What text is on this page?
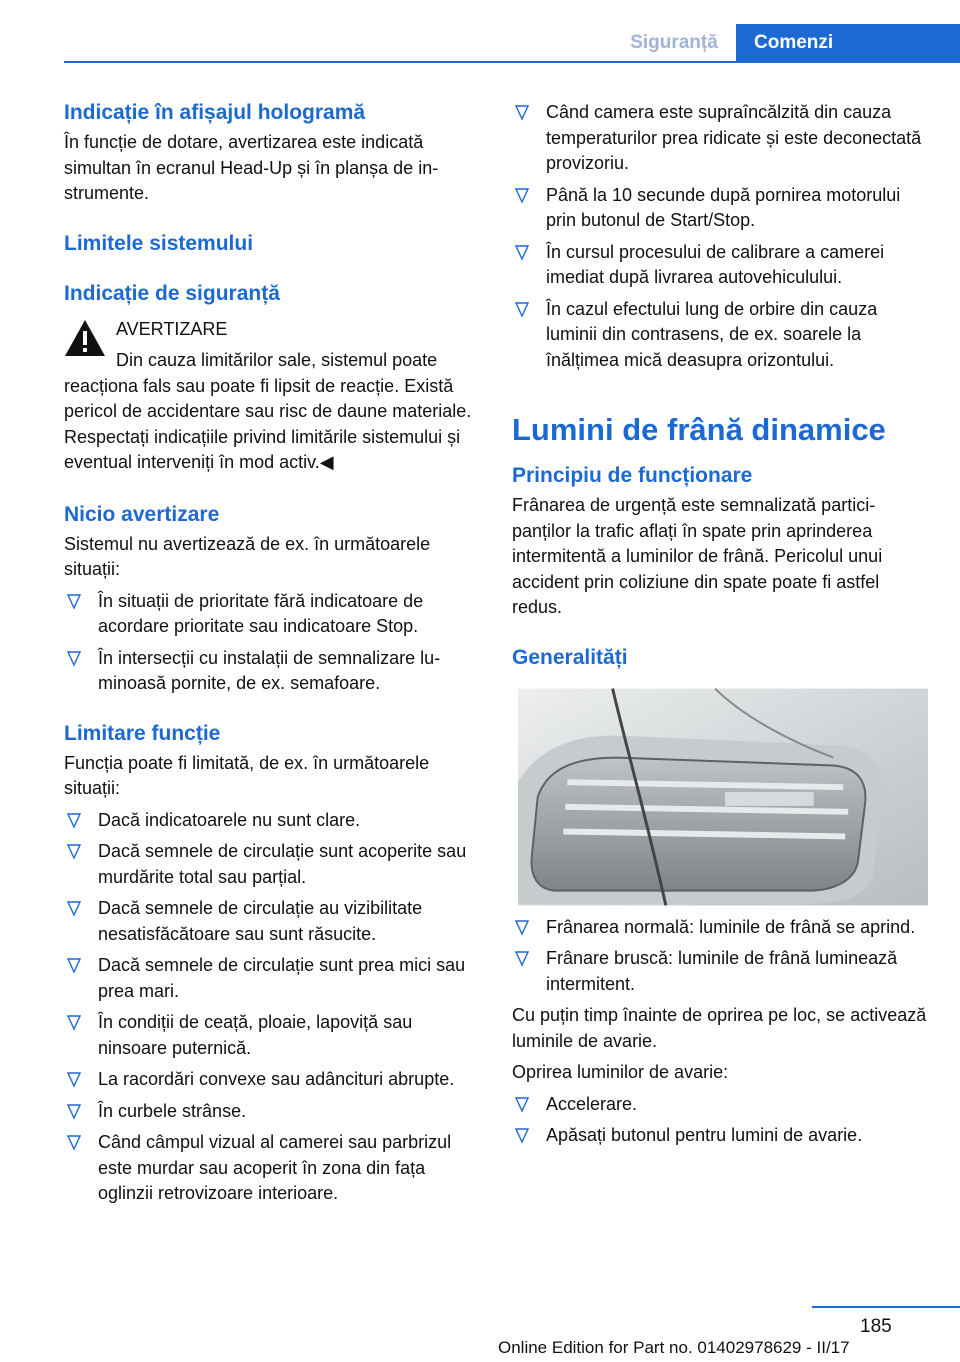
Siguranță	Comenzi
Indicație în afișajul hologramă
În funcție de dotare, avertizarea este indicată simultan în ecranul Head-Up și în planșa de instrumente.
Limitele sistemului
Indicație de siguranță
AVERTIZARE
Din cauza limitărilor sale, sistemul poate reacționa fals sau poate fi lipsit de reacție. Există pericol de accidentare sau risc de daune materiale. Respectați indicațiile privind limitările sistemului și eventual interveniți în mod activ.◀
Nicio avertizare
Sistemul nu avertizează de ex. în următoarele situații:
În situații de prioritate fără indicatoare de acordare prioritate sau indicatoare Stop.
În intersecții cu instalații de semnalizare luminoasă pornite, de ex. semafoare.
Limitare funcție
Funcția poate fi limitată, de ex. în următoarele situații:
Dacă indicatoarele nu sunt clare.
Dacă semnele de circulație sunt acoperite sau murdărite total sau parțial.
Dacă semnele de circulație au vizibilitate nesatisfăcătoare sau sunt răsucite.
Dacă semnele de circulație sunt prea mici sau prea mari.
În condiții de ceață, ploaie, lapoviță sau ninsoare puternică.
La racordări convexe sau adâncituri abrupte.
În curbele strânse.
Când câmpul vizual al camerei sau parbrizul este murdar sau acoperit în zona din fața oglinzii retrovizoare interioare.
Când camera este supraîncălzită din cauza temperaturilor prea ridicate și este deconectată provizoriu.
Până la 10 secunde după pornirea motorului prin butonul de Start/Stop.
În cursul procesului de calibrare a camerei imediat după livrarea autovehiculului.
În cazul efectului lung de orbire din cauza luminii din contrasens, de ex. soarele la înălțimea mică deasupra orizontului.
Lumini de frână dinamice
Principiu de funcționare
Frânarea de urgență este semnalizată participanților la trafic aflați în spate prin aprinderea intermitentă a luminilor de frână. Pericolul unui accident prin coliziune din spate poate fi astfel redus.
Generalități
Frânarea normală: luminile de frână se aprind.
Frânare bruscă: luminile de frână luminează intermitent.
Cu puțin timp înainte de oprirea pe loc, se activează luminile de avarie.
Oprirea luminilor de avarie:
Accelerare.
Apăsați butonul pentru lumini de avarie.
185
Online Edition for Part no. 01402978629 - II/17
